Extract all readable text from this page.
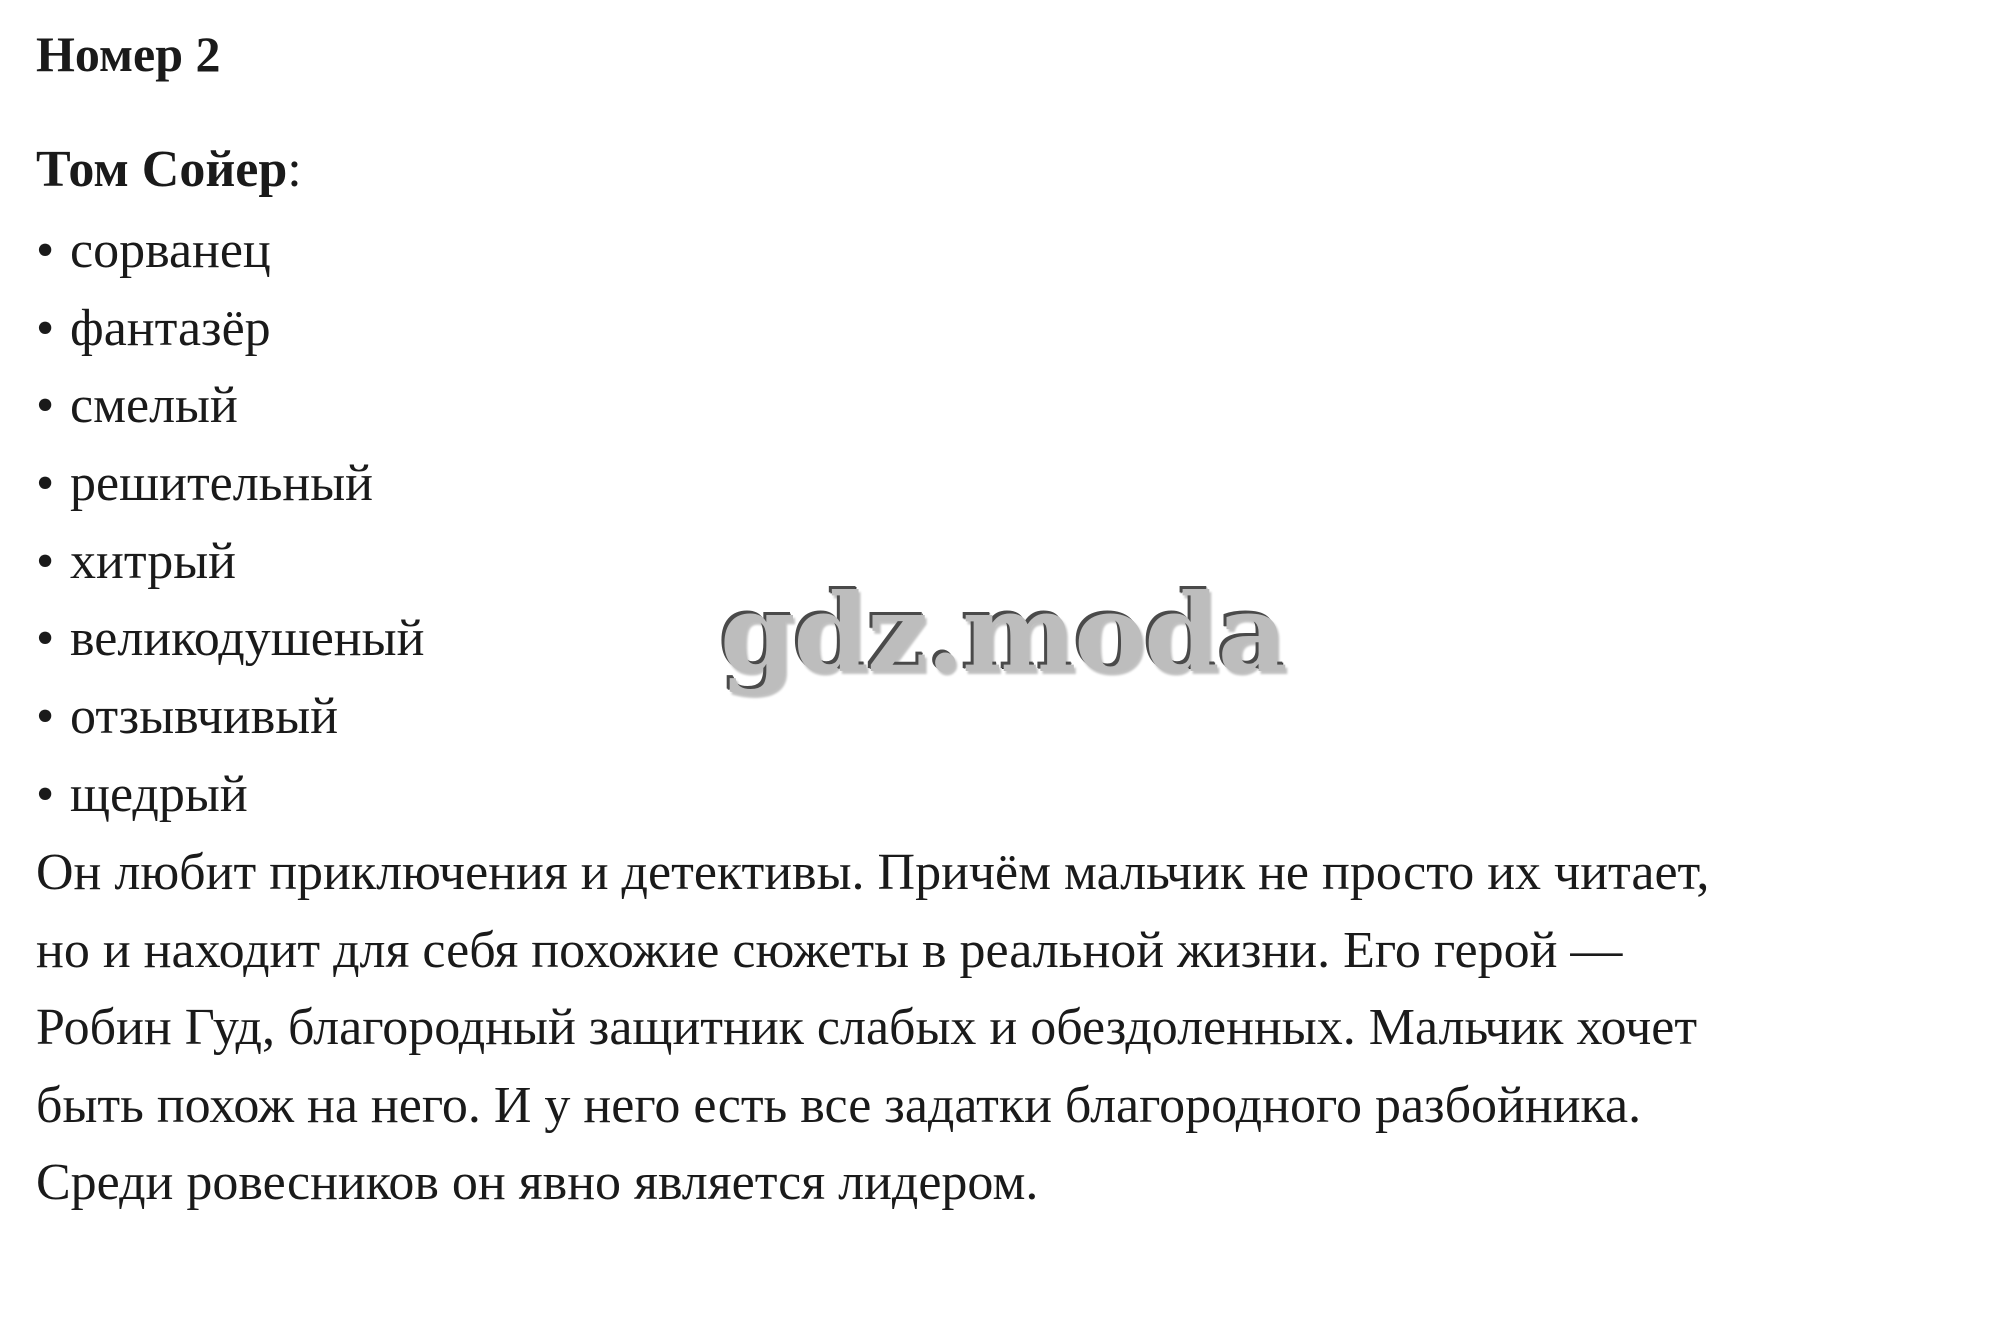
Номер 2
Том Сойер:
• сорванец
• фантазёр
• смелый
• решительный
• хитрый
• великодушеный
• отзывчивый
• щедрый

Он любит приключения и детективы. Причём мальчик не просто их читает,
но и находит для себя похожие сюжеты в реальной жизни. Его герой —
Робин Гуд, благородный защитник слабых и обездоленных. Мальчик хочет
быть похож на него. И у него есть все задатки благородного разбойника.
Среди ровесников он явно является лидером.

gdz.moda
